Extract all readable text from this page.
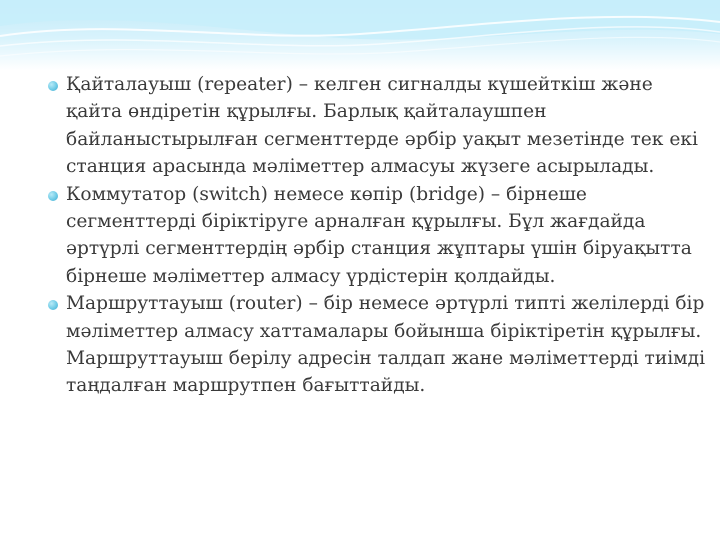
Қайталауыш (repeater) – келген сигналды күшейткіш және қайта өндіретін құрылғы. Барлық қайталаушпен байланыстырылған сегменттерде әрбір уақыт мезетінде тек екі станция арасында мәліметтер алмасуы жүзеге асырылады.
Коммутатор (switch) немесе көпір (bridge) – бірнеше сегменттерді біріктіруге арналған құрылғы. Бұл жағдайда әртүрлі сегменттердің әрбір станция жұптары үшін біруақытта бірнеше мәліметтер алмасу үрдістерін қолдайды.
Маршруттауыш (router) – бір немесе әртүрлі типті желілерді бір мәліметтер алмасу хаттамалары бойынша біріктіретін құрылғы. Маршруттауыш берілу адресін талдап жане мәліметтерді тиімді таңдалған маршрутпен бағыттайды.
